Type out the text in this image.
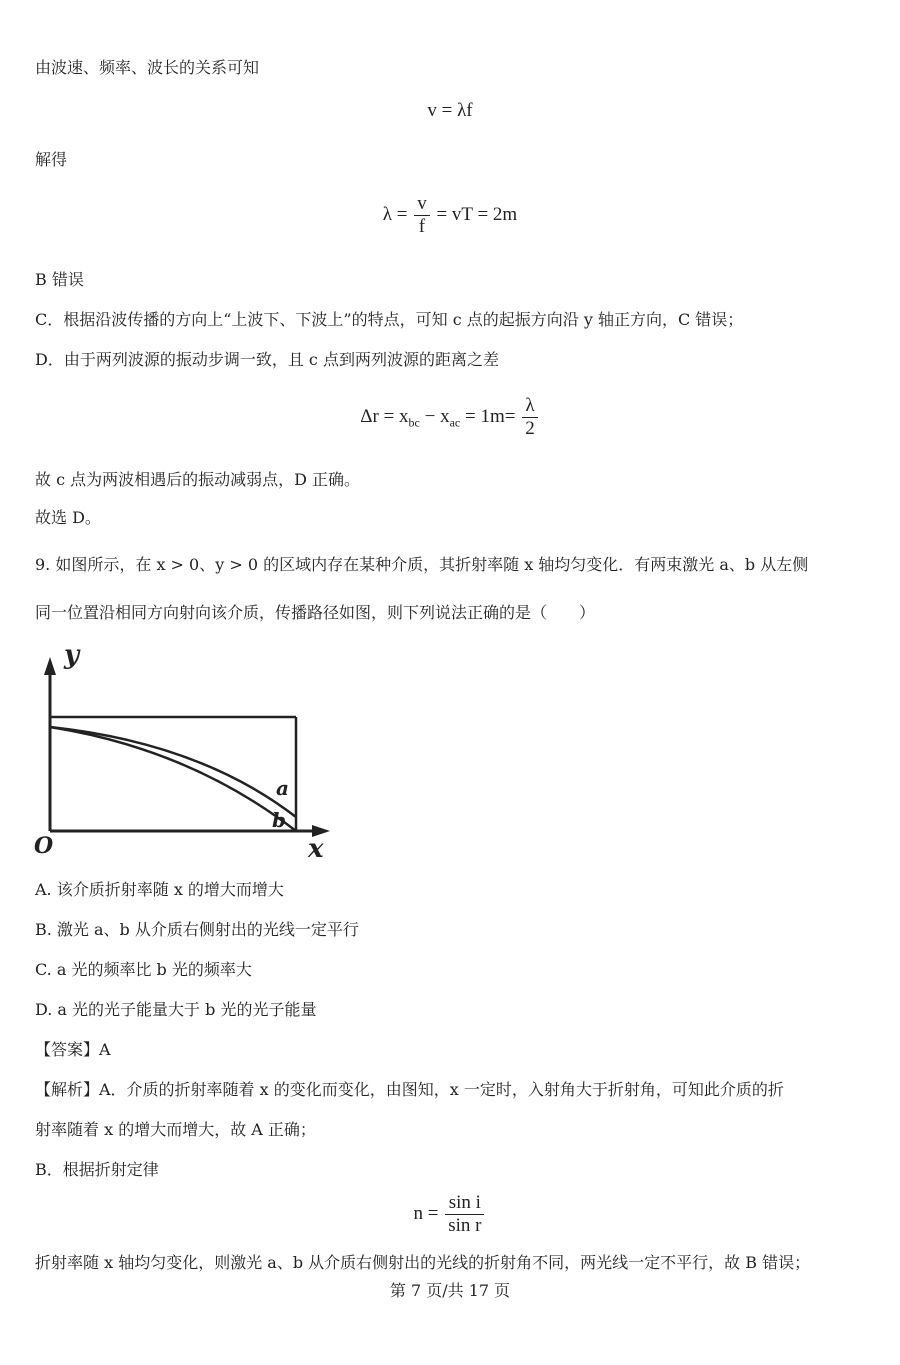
由波速、频率、波长的关系可知
v = λf
解得
$\lambda = \frac{v}{f}$ = vT = 2m
B 错误
C．根据沿波传播的方向上“上波下、下波上”的特点，可知 c 点的起振方向沿 y 轴正方向，C 错误；
D．由于两列波源的振动步调一致，且 c 点到两列波源的距离之差
$\Delta r = x_{bc} - x_{ac} = 1m= \frac{\lambda}{2}$
故 c 点为两波相遇后的振动减弱点，D 正确。
故选 D。
9. 如图所示，在 x > 0、y > 0 的区域内存在某种介质，其折射率随 x 轴均匀变化．有两束激光 a、b 从左侧
同一位置沿相同方向射向该介质，传播路径如图，则下列说法正确的是（　　）
y
x
O
a
b
A. 该介质折射率随 x 的增大而增大
B. 激光 a、b 从介质右侧射出的光线一定平行
C. a 光的频率比 b 光的频率大
D. a 光的光子能量大于 b 光的光子能量
【答案】A
【解析】A．介质的折射率随着 x 的变化而变化，由图知，x 一定时，入射角大于折射角，可知此介质的折
射率随着 x 的增大而增大，故 A 正确；
B．根据折射定律
$n = \frac{\text{sin i}}{\text{sin r}}$
折射率随 x 轴均匀变化，则激光 a、b 从介质右侧射出的光线的折射角不同，两光线一定不平行，故 B 错误；
第 7 页/共 17 页
